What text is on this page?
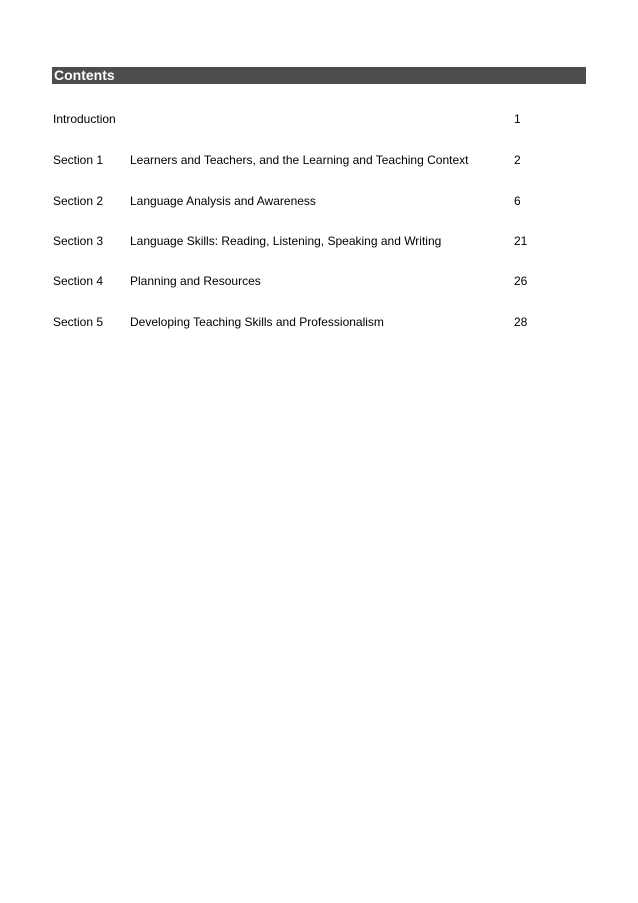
Contents
Introduction	1
Section 1 Learners and Teachers, and the Learning and Teaching Context	2
Section 2 Language Analysis and Awareness	6
Section 3 Language Skills: Reading, Listening, Speaking and Writing	21
Section 4 Planning and Resources	26
Section 5 Developing Teaching Skills and Professionalism	28
